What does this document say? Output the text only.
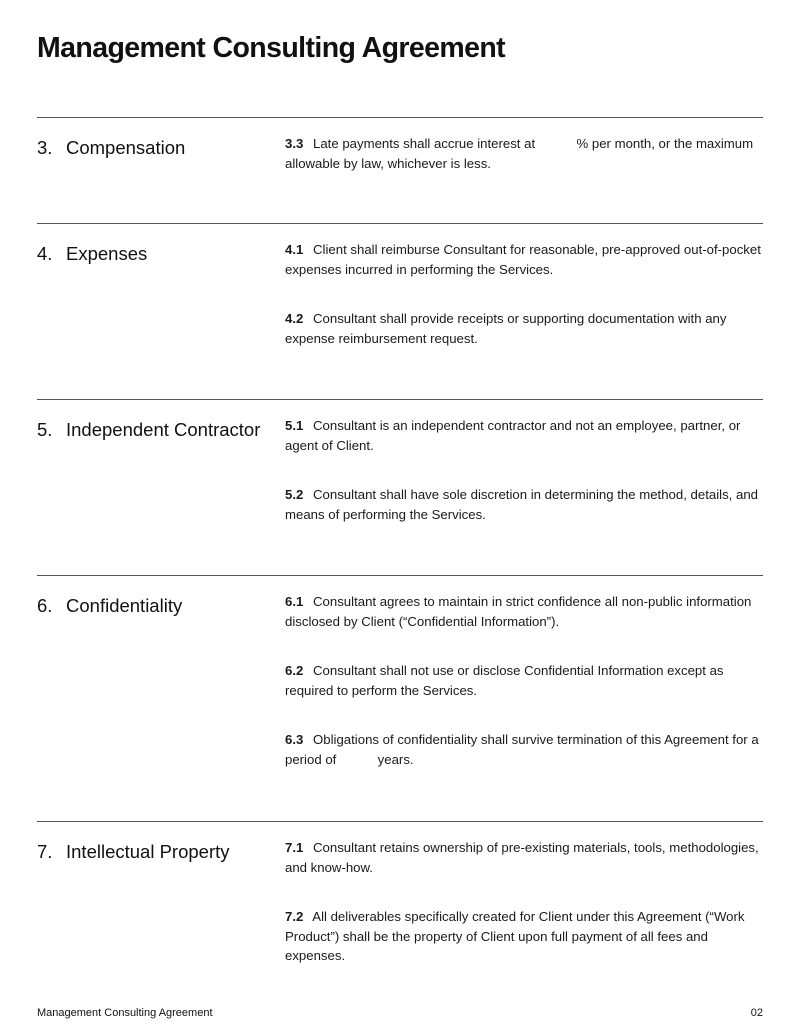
Management Consulting Agreement
3. Compensation	3.3 Late payments shall accrue interest at	% per month, or the maximum allowable by law, whichever is less.

4. Expenses	4.1 Client shall reimburse Consultant for reasonable, pre-approved out-of-pocket expenses incurred in performing the Services.

4.2 Consultant shall provide receipts or supporting documentation with any expense reimbursement request.

5. Independent Contractor 5.1 Consultant is an independent contractor and not an employee, partner, or agent of Client.

5.2 Consultant shall have sole discretion in determining the method, details, and means of performing the Services.

6. Confidentiality	6.1 Consultant agrees to maintain in strict confidence all non-public information disclosed by Client (“Confidential Information”).

6.2 Consultant shall not use or disclose Confidential Information except as required to perform the Services.

6.3 Obligations of confidentiality shall survive termination of this Agreement for a period of	years.

7. Intellectual Property	7.1 Consultant retains ownership of pre-existing materials, tools, methodologies, and know-how.

7.2 All deliverables specifically created for Client under this Agreement (“Work Product”) shall be the property of Client upon full payment of all fees and expenses.

Management Consulting Agreement	02
